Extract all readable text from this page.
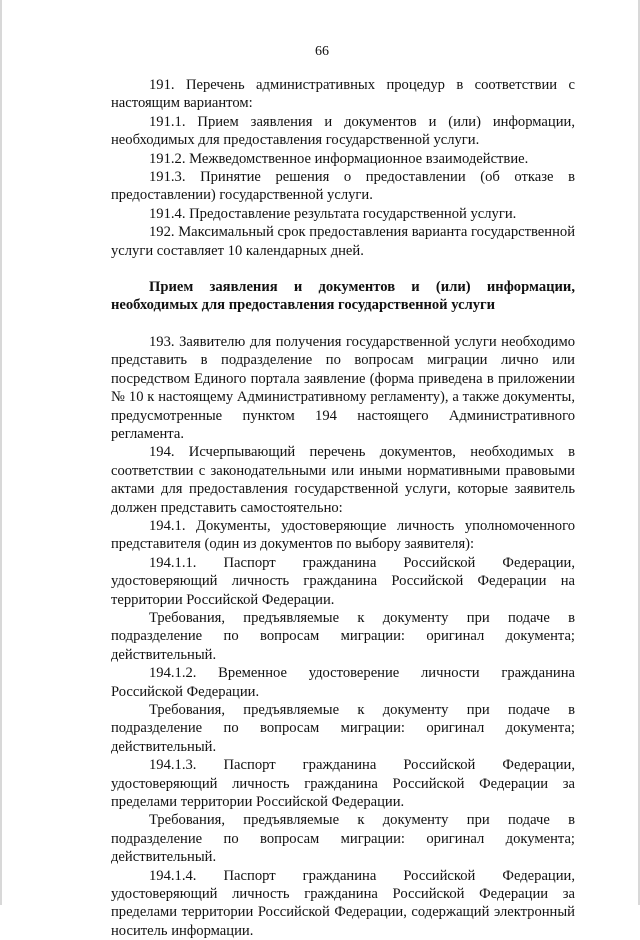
66

191. Перечень административных процедур в соответствии с настоящим вариантом:

191.1. Прием заявления и документов и (или) информации, необходимых для предоставления государственной услуги.

191.2. Межведомственное информационное взаимодействие.

191.3. Принятие решения о предоставлении (об отказе в предоставлении) государственной услуги.

191.4. Предоставление результата государственной услуги.

192. Максимальный срок предоставления варианта государственной услуги составляет 10 календарных дней.

Прием заявления и документов и (или) информации, необходимых для предоставления государственной услуги

193. Заявителю для получения государственной услуги необходимо представить в подразделение по вопросам миграции лично или посредством Единого портала заявление (форма приведена в приложении № 10 к настоящему Административному регламенту), а также документы, предусмотренные пунктом 194 настоящего Административного регламента.

194. Исчерпывающий перечень документов, необходимых в соответствии с законодательными или иными нормативными правовыми актами для предоставления государственной услуги, которые заявитель должен представить самостоятельно:

194.1. Документы, удостоверяющие личность уполномоченного представителя (один из документов по выбору заявителя):

194.1.1. Паспорт гражданина Российской Федерации, удостоверяющий личность гражданина Российской Федерации на территории Российской Федерации.

Требования, предъявляемые к документу при подаче в подразделение по вопросам миграции: оригинал документа; действительный.

194.1.2. Временное удостоверение личности гражданина Российской Федерации.

Требования, предъявляемые к документу при подаче в подразделение по вопросам миграции: оригинал документа; действительный.

194.1.3. Паспорт гражданина Российской Федерации, удостоверяющий личность гражданина Российской Федерации за пределами территории Российской Федерации.

Требования, предъявляемые к документу при подаче в подразделение по вопросам миграции: оригинал документа; действительный.

194.1.4. Паспорт гражданина Российской Федерации, удостоверяющий личность гражданина Российской Федерации за пределами территории Российской Федерации, содержащий электронный носитель информации.
